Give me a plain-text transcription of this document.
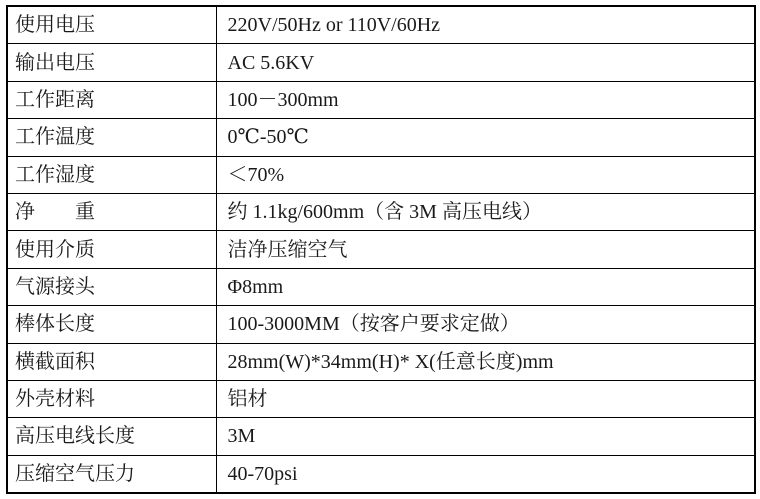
使用电压	220V/50Hz or 110V/60Hz
输出电压	AC 5.6KV
工作距离	100－300mm
工作温度	0℃-50℃
工作湿度	＜70%
净　　重	约 1.1kg/600mm（含 3M 高压电线）
使用介质	洁净压缩空气
气源接头	Φ8mm
棒体长度	100-3000MM（按客户要求定做）
横截面积	28mm(W)*34mm(H)* X(任意长度)mm
外壳材料	铝材
高压电线长度	3M
压缩空气压力	40-70psi
